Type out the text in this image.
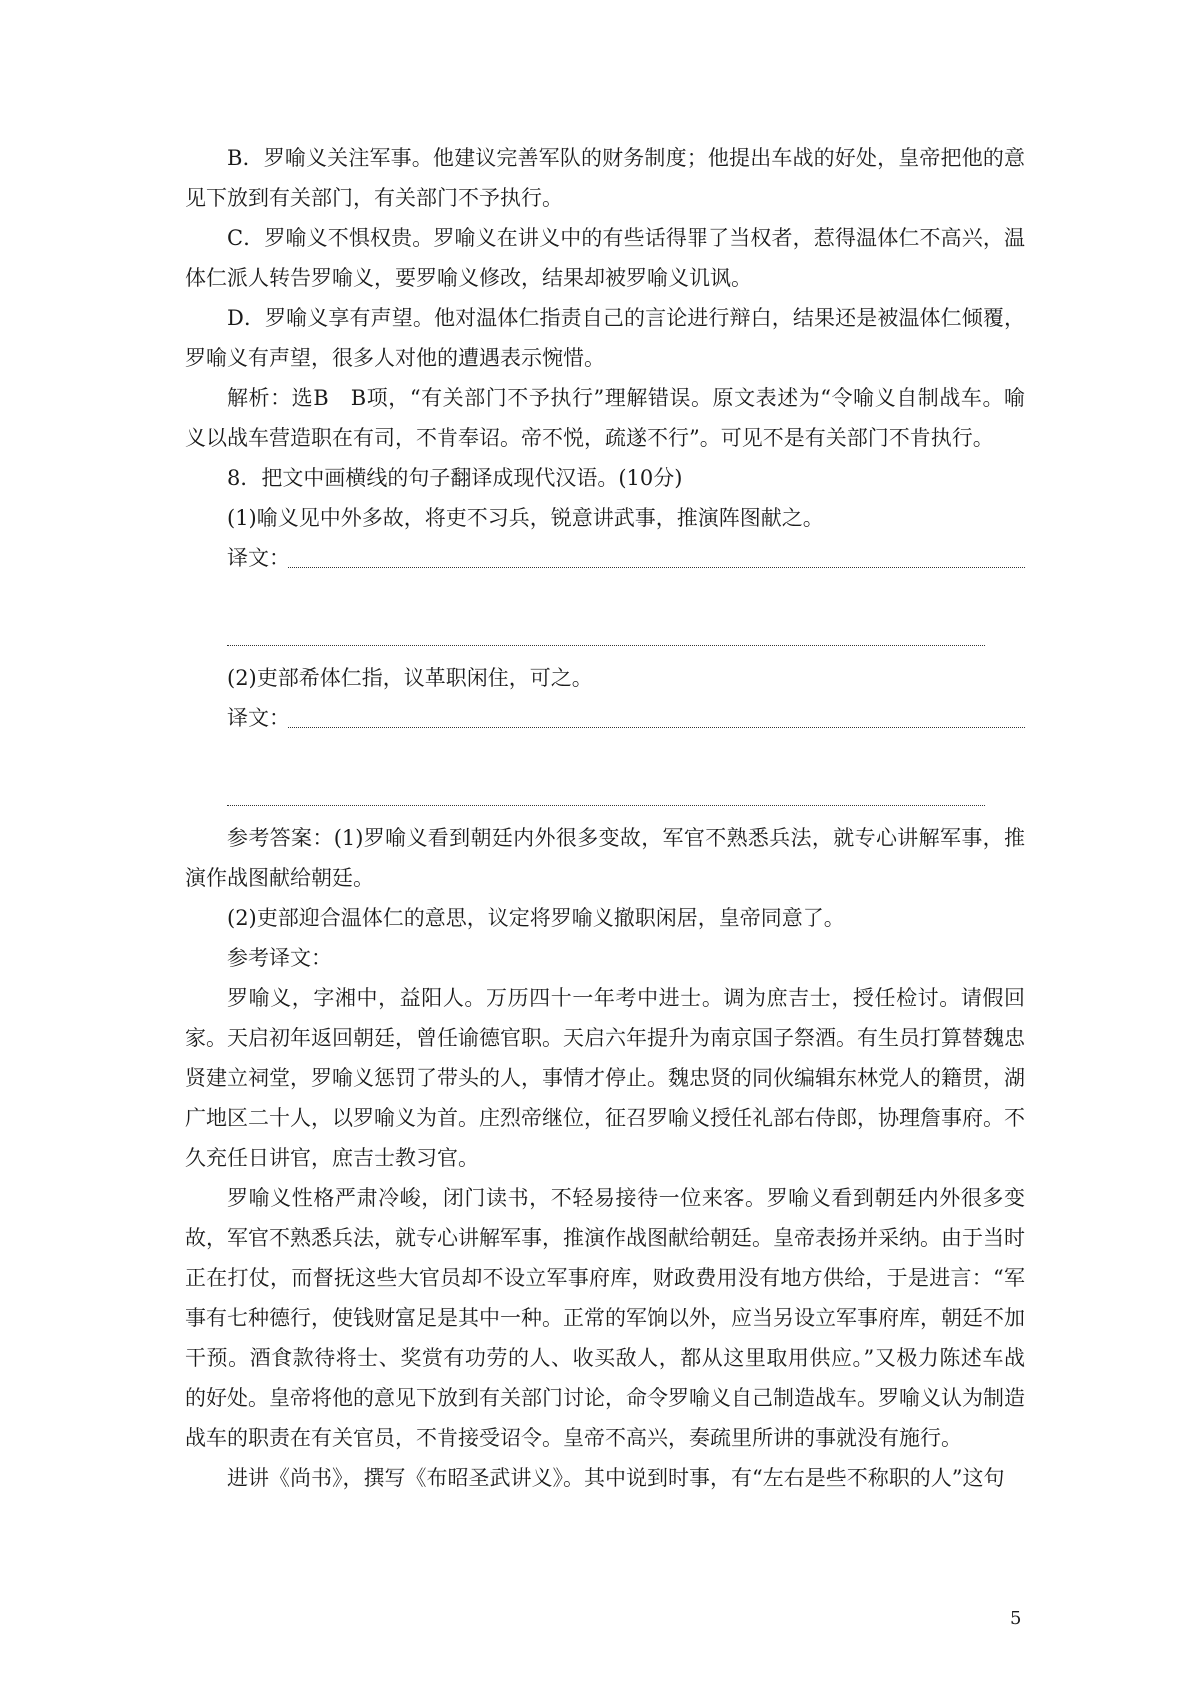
B．罗喻义关注军事。他建议完善军队的财务制度；他提出车战的好处，皇帝把他的意见下放到有关部门，有关部门不予执行。

C．罗喻义不惧权贵。罗喻义在讲义中的有些话得罪了当权者，惹得温体仁不高兴，温体仁派人转告罗喻义，要罗喻义修改，结果却被罗喻义讥讽。

D．罗喻义享有声望。他对温体仁指责自己的言论进行辩白，结果还是被温体仁倾覆，罗喻义有声望，很多人对他的遭遇表示惋惜。

解析：选B　B项，“有关部门不予执行”理解错误。原文表述为“令喻义自制战车。喻义以战车营造职在有司，不肯奉诏。帝不悦，疏遂不行”。可见不是有关部门不肯执行。

8．把文中画横线的句子翻译成现代汉语。(10分)

(1)喻义见中外多故，将吏不习兵，锐意讲武事，推演阵图献之。

译文：

(2)吏部希体仁指，议革职闲住，可之。

译文：

参考答案：(1)罗喻义看到朝廷内外很多变故，军官不熟悉兵法，就专心讲解军事，推演作战图献给朝廷。

(2)吏部迎合温体仁的意思，议定将罗喻义撤职闲居，皇帝同意了。

参考译文：

罗喻义，字湘中，益阳人。万历四十一年考中进士。调为庶吉士，授任检讨。请假回家。天启初年返回朝廷，曾任谕德官职。天启六年提升为南京国子祭酒。有生员打算替魏忠贤建立祠堂，罗喻义惩罚了带头的人，事情才停止。魏忠贤的同伙编辑东林党人的籍贯，湖广地区二十人，以罗喻义为首。庄烈帝继位，征召罗喻义授任礼部右侍郎，协理詹事府。不久充任日讲官，庶吉士教习官。

罗喻义性格严肃冷峻，闭门读书，不轻易接待一位来客。罗喻义看到朝廷内外很多变故，军官不熟悉兵法，就专心讲解军事，推演作战图献给朝廷。皇帝表扬并采纳。由于当时正在打仗，而督抚这些大官员却不设立军事府库，财政费用没有地方供给，于是进言：“军事有七种德行，使钱财富足是其中一种。正常的军饷以外，应当另设立军事府库，朝廷不加干预。酒食款待将士、奖赏有功劳的人、收买敌人，都从这里取用供应。”又极力陈述车战的好处。皇帝将他的意见下放到有关部门讨论，命令罗喻义自己制造战车。罗喻义认为制造战车的职责在有关官员，不肯接受诏令。皇帝不高兴，奏疏里所讲的事就没有施行。

进讲《尚书》，撰写《布昭圣武讲义》。其中说到时事，有“左右是些不称职的人”这句

5
